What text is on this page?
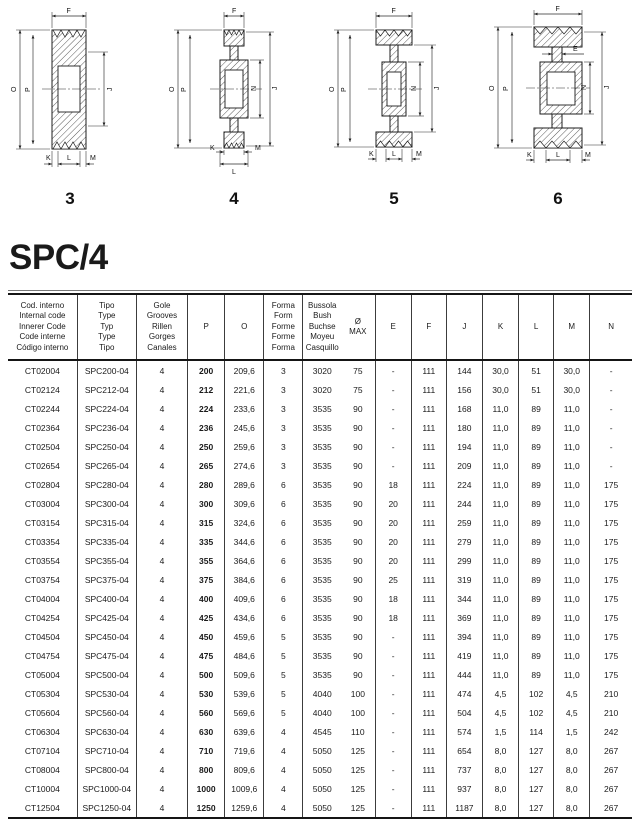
F
O P	J
K L	M
3
F
O P	N J
K	M
L
4
F
O P	N J
K	L	M
5
F
E
O P	N J
K	L	M
6
SPC/4
Cod. interno
Internal code
Innerer Code
Code interne
Código interno

Tipo
Type
Typ
Type
Tipo

Gole
Grooves
Rillen
Gorges
Canales

P	O

Forma
Form
Forme
Forme
Forma

Bussola
Bush
Buchse
Moyeu
Casquillo

Ø
MAX

E	F	J	K	L	M	N

CT02004	SPC200-04	4	200	209,6	3	3020	75	-	111	144	30,0	51	30,0	-
CT02124	SPC212-04	4	212	221,6	3	3020	75	-	111	156	30,0	51	30,0	-
CT02244	SPC224-04	4	224	233,6	3	3535	90	-	111	168	11,0	89	11,0	-
CT02364	SPC236-04	4	236	245,6	3	3535	90	-	111	180	11,0	89	11,0	-
CT02504	SPC250-04	4	250	259,6	3	3535	90	-	111	194	11,0	89	11,0	-
CT02654	SPC265-04	4	265	274,6	3	3535	90	-	111	209	11,0	89	11,0	-
CT02804	SPC280-04	4	280	289,6	6	3535	90	18	111	224	11,0	89	11,0	175
CT03004	SPC300-04	4	300	309,6	6	3535	90	20	111	244	11,0	89	11,0	175
CT03154	SPC315-04	4	315	324,6	6	3535	90	20	111	259	11,0	89	11,0	175
CT03354	SPC335-04	4	335	344,6	6	3535	90	20	111	279	11,0	89	11,0	175
CT03554	SPC355-04	4	355	364,6	6	3535	90	20	111	299	11,0	89	11,0	175
CT03754	SPC375-04	4	375	384,6	6	3535	90	25	111	319	11,0	89	11,0	175
CT04004	SPC400-04	4	400	409,6	6	3535	90	18	111	344	11,0	89	11,0	175
CT04254	SPC425-04	4	425	434,6	6	3535	90	18	111	369	11,0	89	11,0	175
CT04504	SPC450-04	4	450	459,6	5	3535	90	-	111	394	11,0	89	11,0	175
CT04754	SPC475-04	4	475	484,6	5	3535	90	-	111	419	11,0	89	11,0	175
CT05004	SPC500-04	4	500	509,6	5	3535	90	-	111	444	11,0	89	11,0	175
CT05304	SPC530-04	4	530	539,6	5	4040	100	-	111	474	4,5	102	4,5	210
CT05604	SPC560-04	4	560	569,6	5	4040	100	-	111	504	4,5	102	4,5	210
CT06304	SPC630-04	4	630	639,6	4	4545	110	-	111	574	1,5	114	1,5	242
CT07104	SPC710-04	4	710	719,6	4	5050	125	-	111	654	8,0	127	8,0	267
CT08004	SPC800-04	4	800	809,6	4	5050	125	-	111	737	8,0	127	8,0	267
CT10004	SPC1000-04	4	1000	1009,6	4	5050	125	-	111	937	8,0	127	8,0	267
CT12504	SPC1250-04	4	1250	1259,6	4	5050	125	-	111	1187	8,0	127	8,0	267
